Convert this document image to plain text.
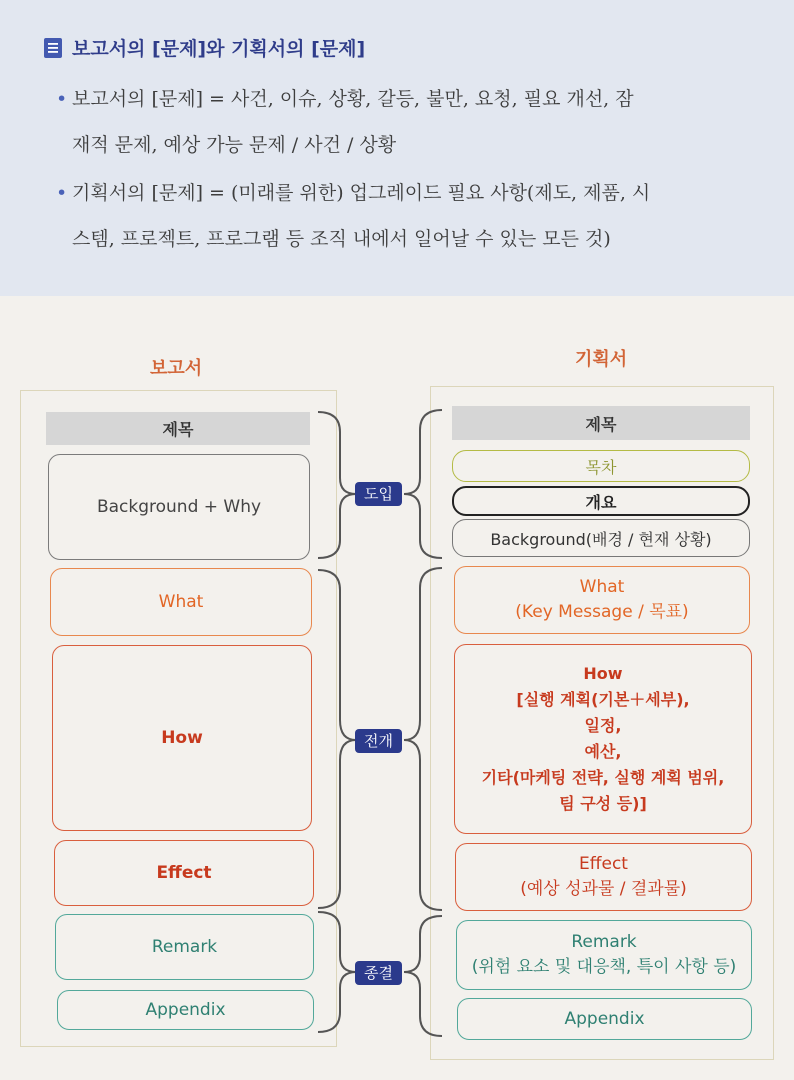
보고서의 [문제]와 기획서의 [문제]
• 보고서의 [문제] = 사건, 이슈, 상황, 갈등, 불만, 요청, 필요 개선, 잠
재적 문제, 예상 가능 문제 / 사건 / 상황
• 기획서의 [문제] = (미래를 위한) 업그레이드 필요 사항(제도, 제품, 시
스템, 프로젝트, 프로그램 등 조직 내에서 일어날 수 있는 모든 것)
보고서	기획서
제목
Background + Why
What
How
Effect
Remark
Appendix
제목
목차
개요
Background(배경 / 현재 상황)
What
(Key Message / 목표)
How
[실행 계획(기본＋세부),
일정,
예산,
기타(마케팅 전략, 실행 계획 범위,
팀 구성 등)]
Effect
(예상 성과물 / 결과물)
Remark
(위험 요소 및 대응책, 특이 사항 등)
Appendix
도입
전개
종결
